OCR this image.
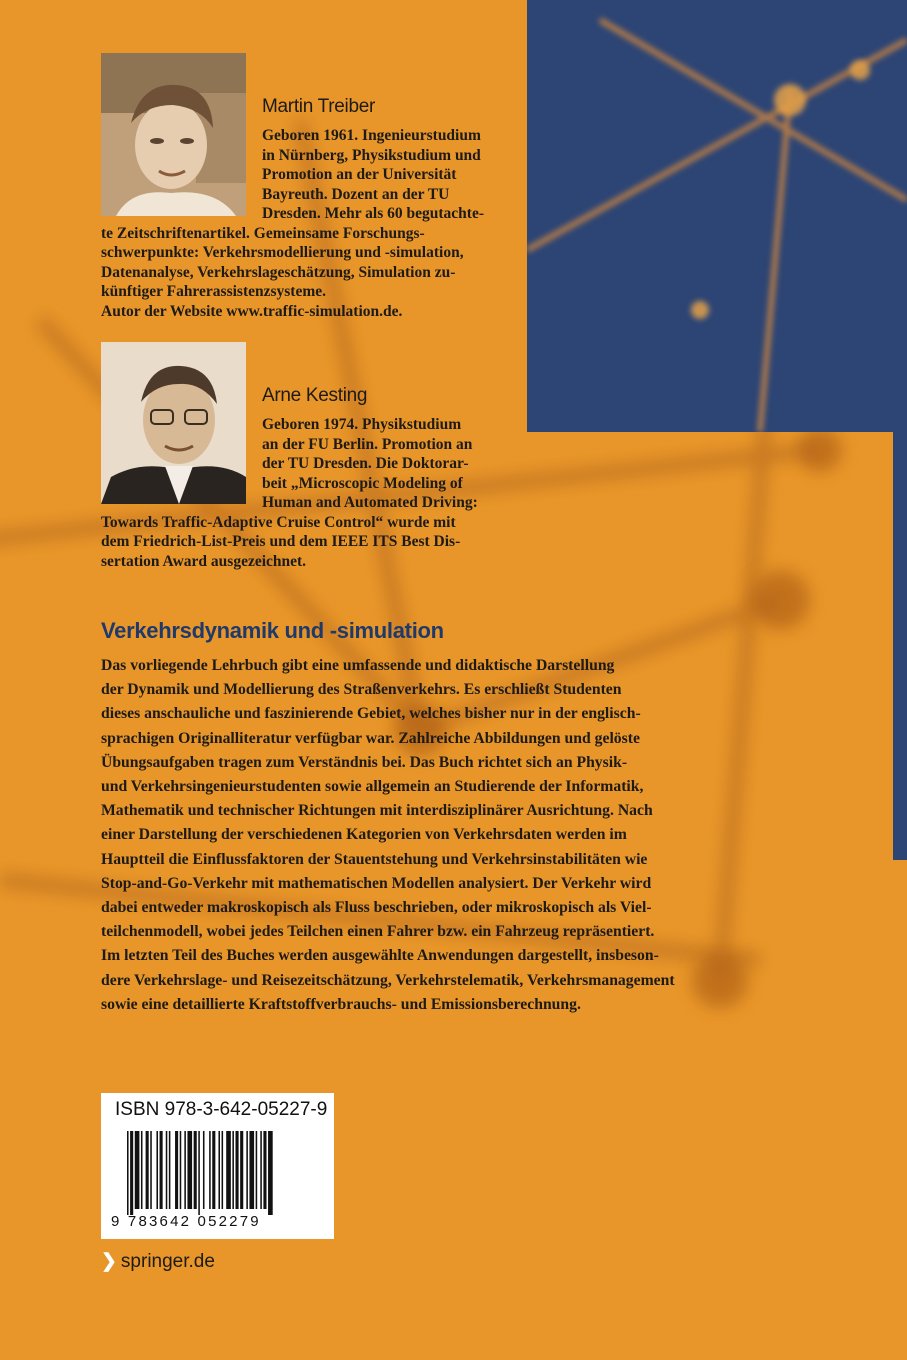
Martin Treiber
Geboren 1961. Ingenieurstudium
in Nürnberg, Physikstudium und
Promotion an der Universität
Bayreuth. Dozent an der TU
Dresden. Mehr als 60 begutachte-
te Zeitschriftenartikel. Gemeinsame Forschungs-
schwerpunkte: Verkehrsmodellierung und -simulation,
Datenanalyse, Verkehrslageschätzung, Simulation zu-
künftiger Fahrerassistenzsysteme.
Autor der Website www.traffic-simulation.de.
Arne Kesting
Geboren 1974. Physikstudium
an der FU Berlin. Promotion an
der TU Dresden. Die Doktorar-
beit „Microscopic Modeling of
Human and Automated Driving:
Towards Traffic-Adaptive Cruise Control“ wurde mit
dem Friedrich-List-Preis und dem IEEE ITS Best Dis-
sertation Award ausgezeichnet.
Verkehrsdynamik und -simulation
Das vorliegende Lehrbuch gibt eine umfassende und didaktische Darstellung
der Dynamik und Modellierung des Straßenverkehrs. Es erschließt Studenten
dieses anschauliche und faszinierende Gebiet, welches bisher nur in der englisch-
sprachigen Originalliteratur verfügbar war. Zahlreiche Abbildungen und gelöste
Übungsaufgaben tragen zum Verständnis bei. Das Buch richtet sich an Physik-
und Verkehrsingenieurstudenten sowie allgemein an Studierende der Informatik,
Mathematik und technischer Richtungen mit interdisziplinärer Ausrichtung. Nach
einer Darstellung der verschiedenen Kategorien von Verkehrsdaten werden im
Hauptteil die Einflussfaktoren der Stauentstehung und Verkehrsinstabilitäten wie
Stop-and-Go-Verkehr mit mathematischen Modellen analysiert. Der Verkehr wird
dabei entweder makroskopisch als Fluss beschrieben, oder mikroskopisch als Viel-
teilchenmodell, wobei jedes Teilchen einen Fahrer bzw. ein Fahrzeug repräsentiert.
Im letzten Teil des Buches werden ausgewählte Anwendungen dargestellt, insbeson-
dere Verkehrslage- und Reisezeitschätzung, Verkehrstelematik, Verkehrsmanagement
sowie eine detaillierte Kraftstoffverbrauchs- und Emissionsberechnung.
ISBN 978-3-642-05227-9
9 783642 052279
❯ springer.de
